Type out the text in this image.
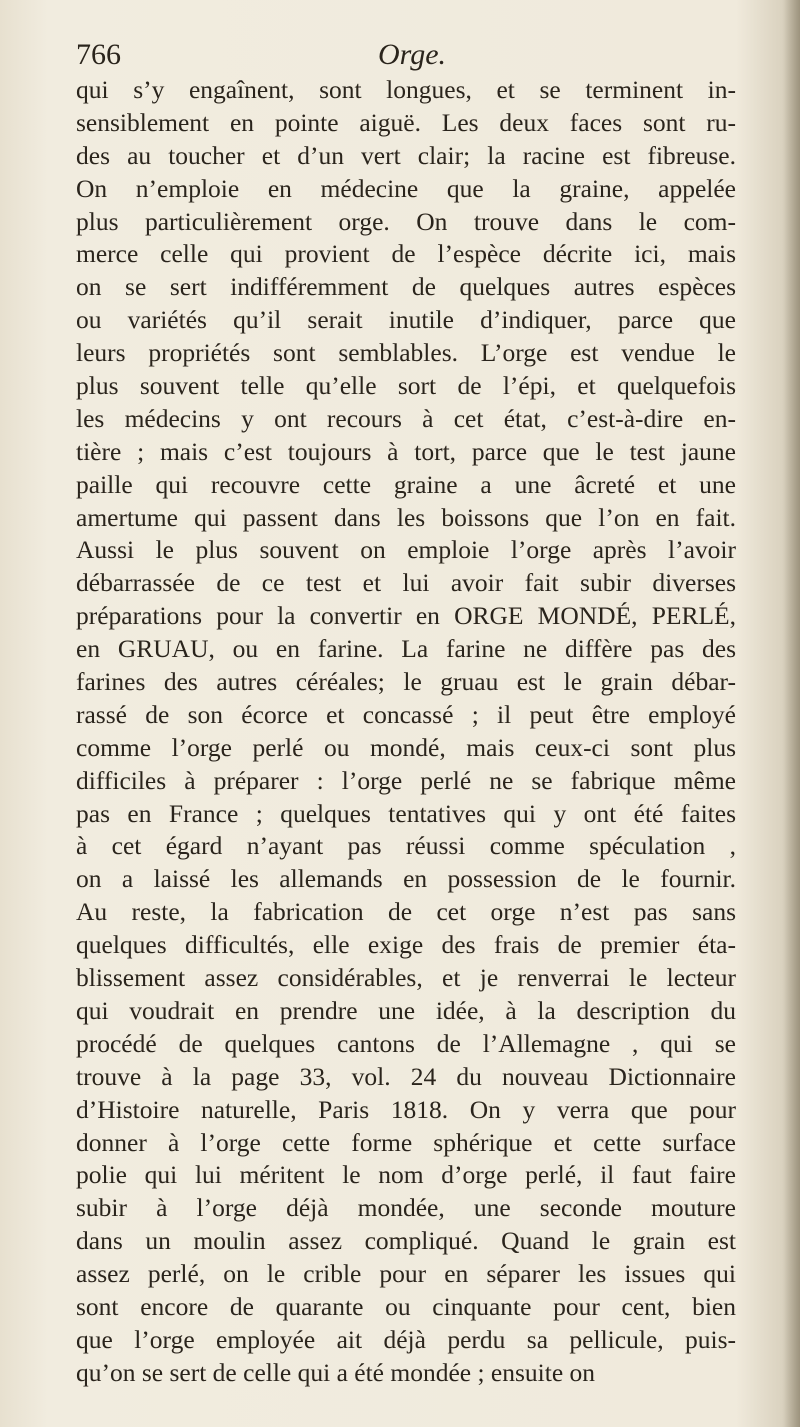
766	Orge.
qui s’y engaînent, sont longues, et se terminent in-
sensiblement en pointe aiguë. Les deux faces sont ru-
des au toucher et d’un vert clair; la racine est fibreuse.
On n’emploie en médecine que la graine, appelée
plus particulièrement orge. On trouve dans le com-
merce celle qui provient de l’espèce décrite ici, mais
on se sert indifféremment de quelques autres espèces
ou variétés qu’il serait inutile d’indiquer, parce que
leurs propriétés sont semblables. L’orge est vendue le
plus souvent telle qu’elle sort de l’épi, et quelquefois
les médecins y ont recours à cet état, c’est-à-dire en-
tière ; mais c’est toujours à tort, parce que le test jaune
paille qui recouvre cette graine a une âcreté et une
amertume qui passent dans les boissons que l’on en fait.
Aussi le plus souvent on emploie l’orge après l’avoir
débarrassée de ce test et lui avoir fait subir diverses
préparations pour la convertir en ORGE MONDÉ, PERLÉ,
en GRUAU, ou en farine. La farine ne diffère pas des
farines des autres céréales; le gruau est le grain débar-
rassé de son écorce et concassé ; il peut être employé
comme l’orge perlé ou mondé, mais ceux-ci sont plus
difficiles à préparer : l’orge perlé ne se fabrique même
pas en France ; quelques tentatives qui y ont été faites
à cet égard n’ayant pas réussi comme spéculation ,
on a laissé les allemands en possession de le fournir.
Au reste, la fabrication de cet orge n’est pas sans
quelques difficultés, elle exige des frais de premier éta-
blissement assez considérables, et je renverrai le lecteur
qui voudrait en prendre une idée, à la description du
procédé de quelques cantons de l’Allemagne , qui se
trouve à la page 33, vol. 24 du nouveau Dictionnaire
d’Histoire naturelle, Paris 1818. On y verra que pour
donner à l’orge cette forme sphérique et cette surface
polie qui lui méritent le nom d’orge perlé, il faut faire
subir à l’orge déjà mondée, une seconde mouture
dans un moulin assez compliqué. Quand le grain est
assez perlé, on le crible pour en séparer les issues qui
sont encore de quarante ou cinquante pour cent, bien
que l’orge employée ait déjà perdu sa pellicule, puis-
qu’on se sert de celle qui a été mondée ; ensuite on
